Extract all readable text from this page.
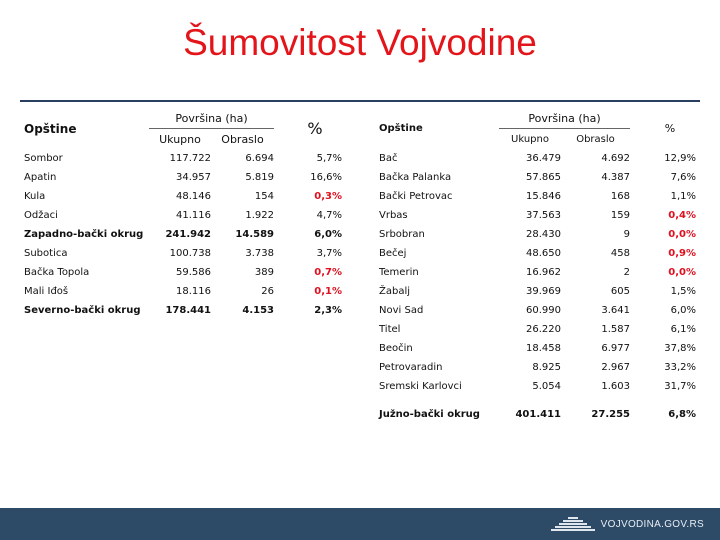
Šumovitost Vojvodine
Opštine	Površina (ha)		%
	Ukupno	Obraslo	
Sombor	117.722	6.694	5,7%
Apatin	34.957	5.819	16,6%
Kula	48.146	154	0,3%
Odžaci	41.116	1.922	4,7%
Zapadno-bački okrug	241.942	14.589	6,0%
Subotica	100.738	3.738	3,7%
Bačka Topola	59.586	389	0,7%
Mali Iđoš	18.116	26	0,1%
Severno-bački okrug	178.441	4.153	2,3%
Opštine	Površina (ha)		%
	Ukupno	Obraslo	
Bač	36.479	4.692	12,9%
Bačka Palanka	57.865	4.387	7,6%
Bački Petrovac	15.846	168	1,1%
Vrbas	37.563	159	0,4%
Srbobran	28.430	9	0,0%
Bečej	48.650	458	0,9%
Temerin	16.962	2	0,0%
Žabalj	39.969	605	1,5%
Novi Sad	60.990	3.641	6,0%
Titel	26.220	1.587	6,1%
Beočin	18.458	6.977	37,8%
Petrovaradin	8.925	2.967	33,2%
Sremski Karlovci	5.054	1.603	31,7%
Južno-bački okrug	401.411	27.255	6,8%
VOJVODINA.GOV.RS
